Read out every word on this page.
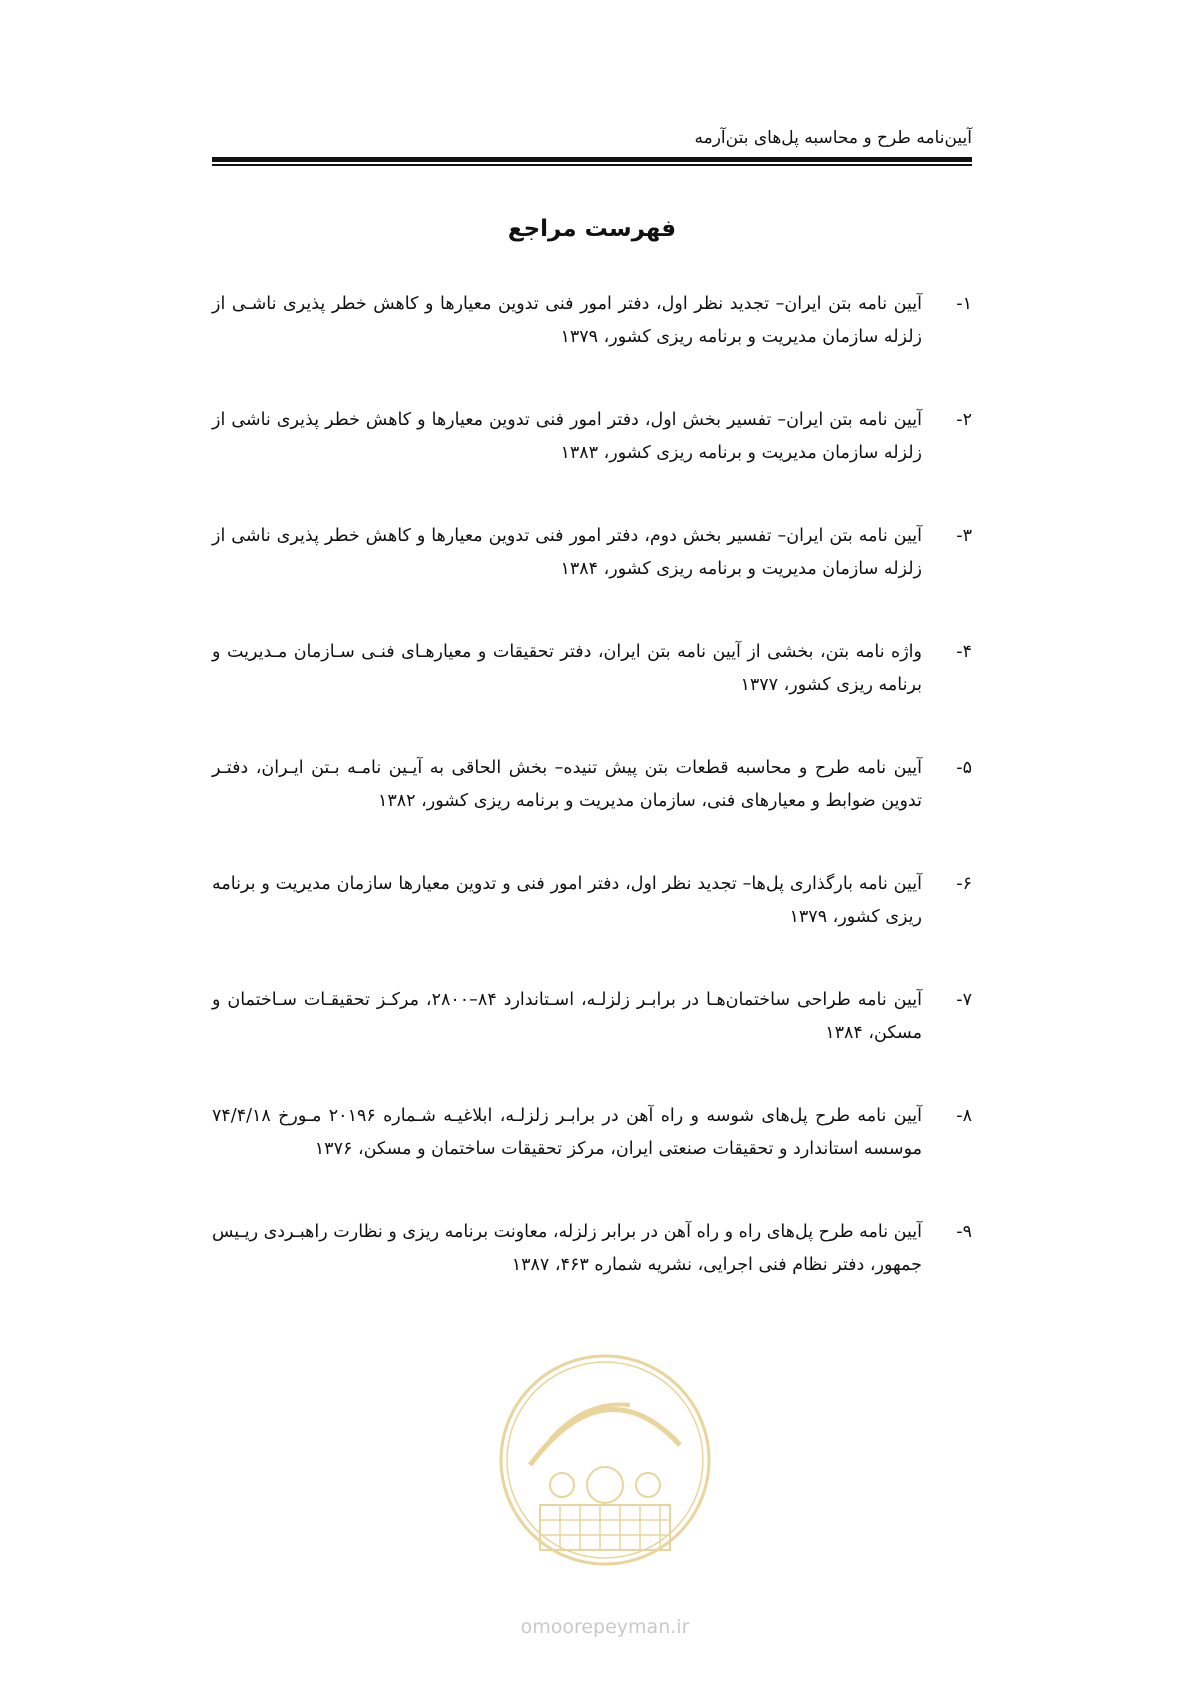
آیین‌نامه طرح و محاسبه پل‌های بتن‌آرمه
فهرست مراجع
۱-
آیین نامه بتن ایران– تجدید نظر اول، دفتر امور فنی تدوین معیارها و کاهش خطر پذیری ناشـی از زلزله سازمان مدیریت و برنامه ریزی کشور، ۱۳۷۹
۲-
آیین نامه بتن ایران– تفسیر بخش اول، دفتر امور فنی تدوین معیارها و کاهش خطر پذیری ناشی از زلزله سازمان مدیریت و برنامه ریزی کشور، ۱۳۸۳
۳-
آیین نامه بتن ایران– تفسیر بخش دوم، دفتر امور فنی تدوین معیارها و کاهش خطر پذیری ناشی از زلزله سازمان مدیریت و برنامه ریزی کشور، ۱۳۸۴
۴-
واژه نامه بتن، بخشی از آیین نامه بتن ایران، دفتر تحقیقات و معیارهـای فنـی سـازمان مـدیریت و برنامه ریزی کشور، ۱۳۷۷
۵-
آیین نامه طرح و محاسبه قطعات بتن پیش تنیده– بخش الحاقی به آیـین نامـه بـتن ایـران، دفتـر تدوین ضوابط و معیارهای فنی، سازمان مدیریت و برنامه ریزی کشور، ۱۳۸۲
۶-
آیین نامه بارگذاری پل‌ها– تجدید نظر اول، دفتر امور فنی و تدوین معیارها سازمان مدیریت و برنامه ریزی کشور، ۱۳۷۹
۷-
آیین نامه طراحی ساختمان‌هـا در برابـر زلزلـه، اسـتاندارد ۸۴–۲۸۰۰، مرکـز تحقیقـات سـاختمان و مسکن، ۱۳۸۴
۸-
آیین نامه طرح پل‌های شوسه و راه آهن در برابـر زلزلـه، ابلاغیـه شـماره ۲۰۱۹۶ مـورخ ۷۴/۴/۱۸ موسسه استاندارد و تحقیقات صنعتی ایران، مرکز تحقیقات ساختمان و مسکن، ۱۳۷۶
۹-
آیین نامه طرح پل‌های راه و راه آهن در برابر زلزله، معاونت برنامه ریزی و نظارت راهبـردی ریـیس جمهور، دفتر نظام فنی اجرایی، نشریه شماره ۴۶۳، ۱۳۸۷
omoorepeyman.ir
